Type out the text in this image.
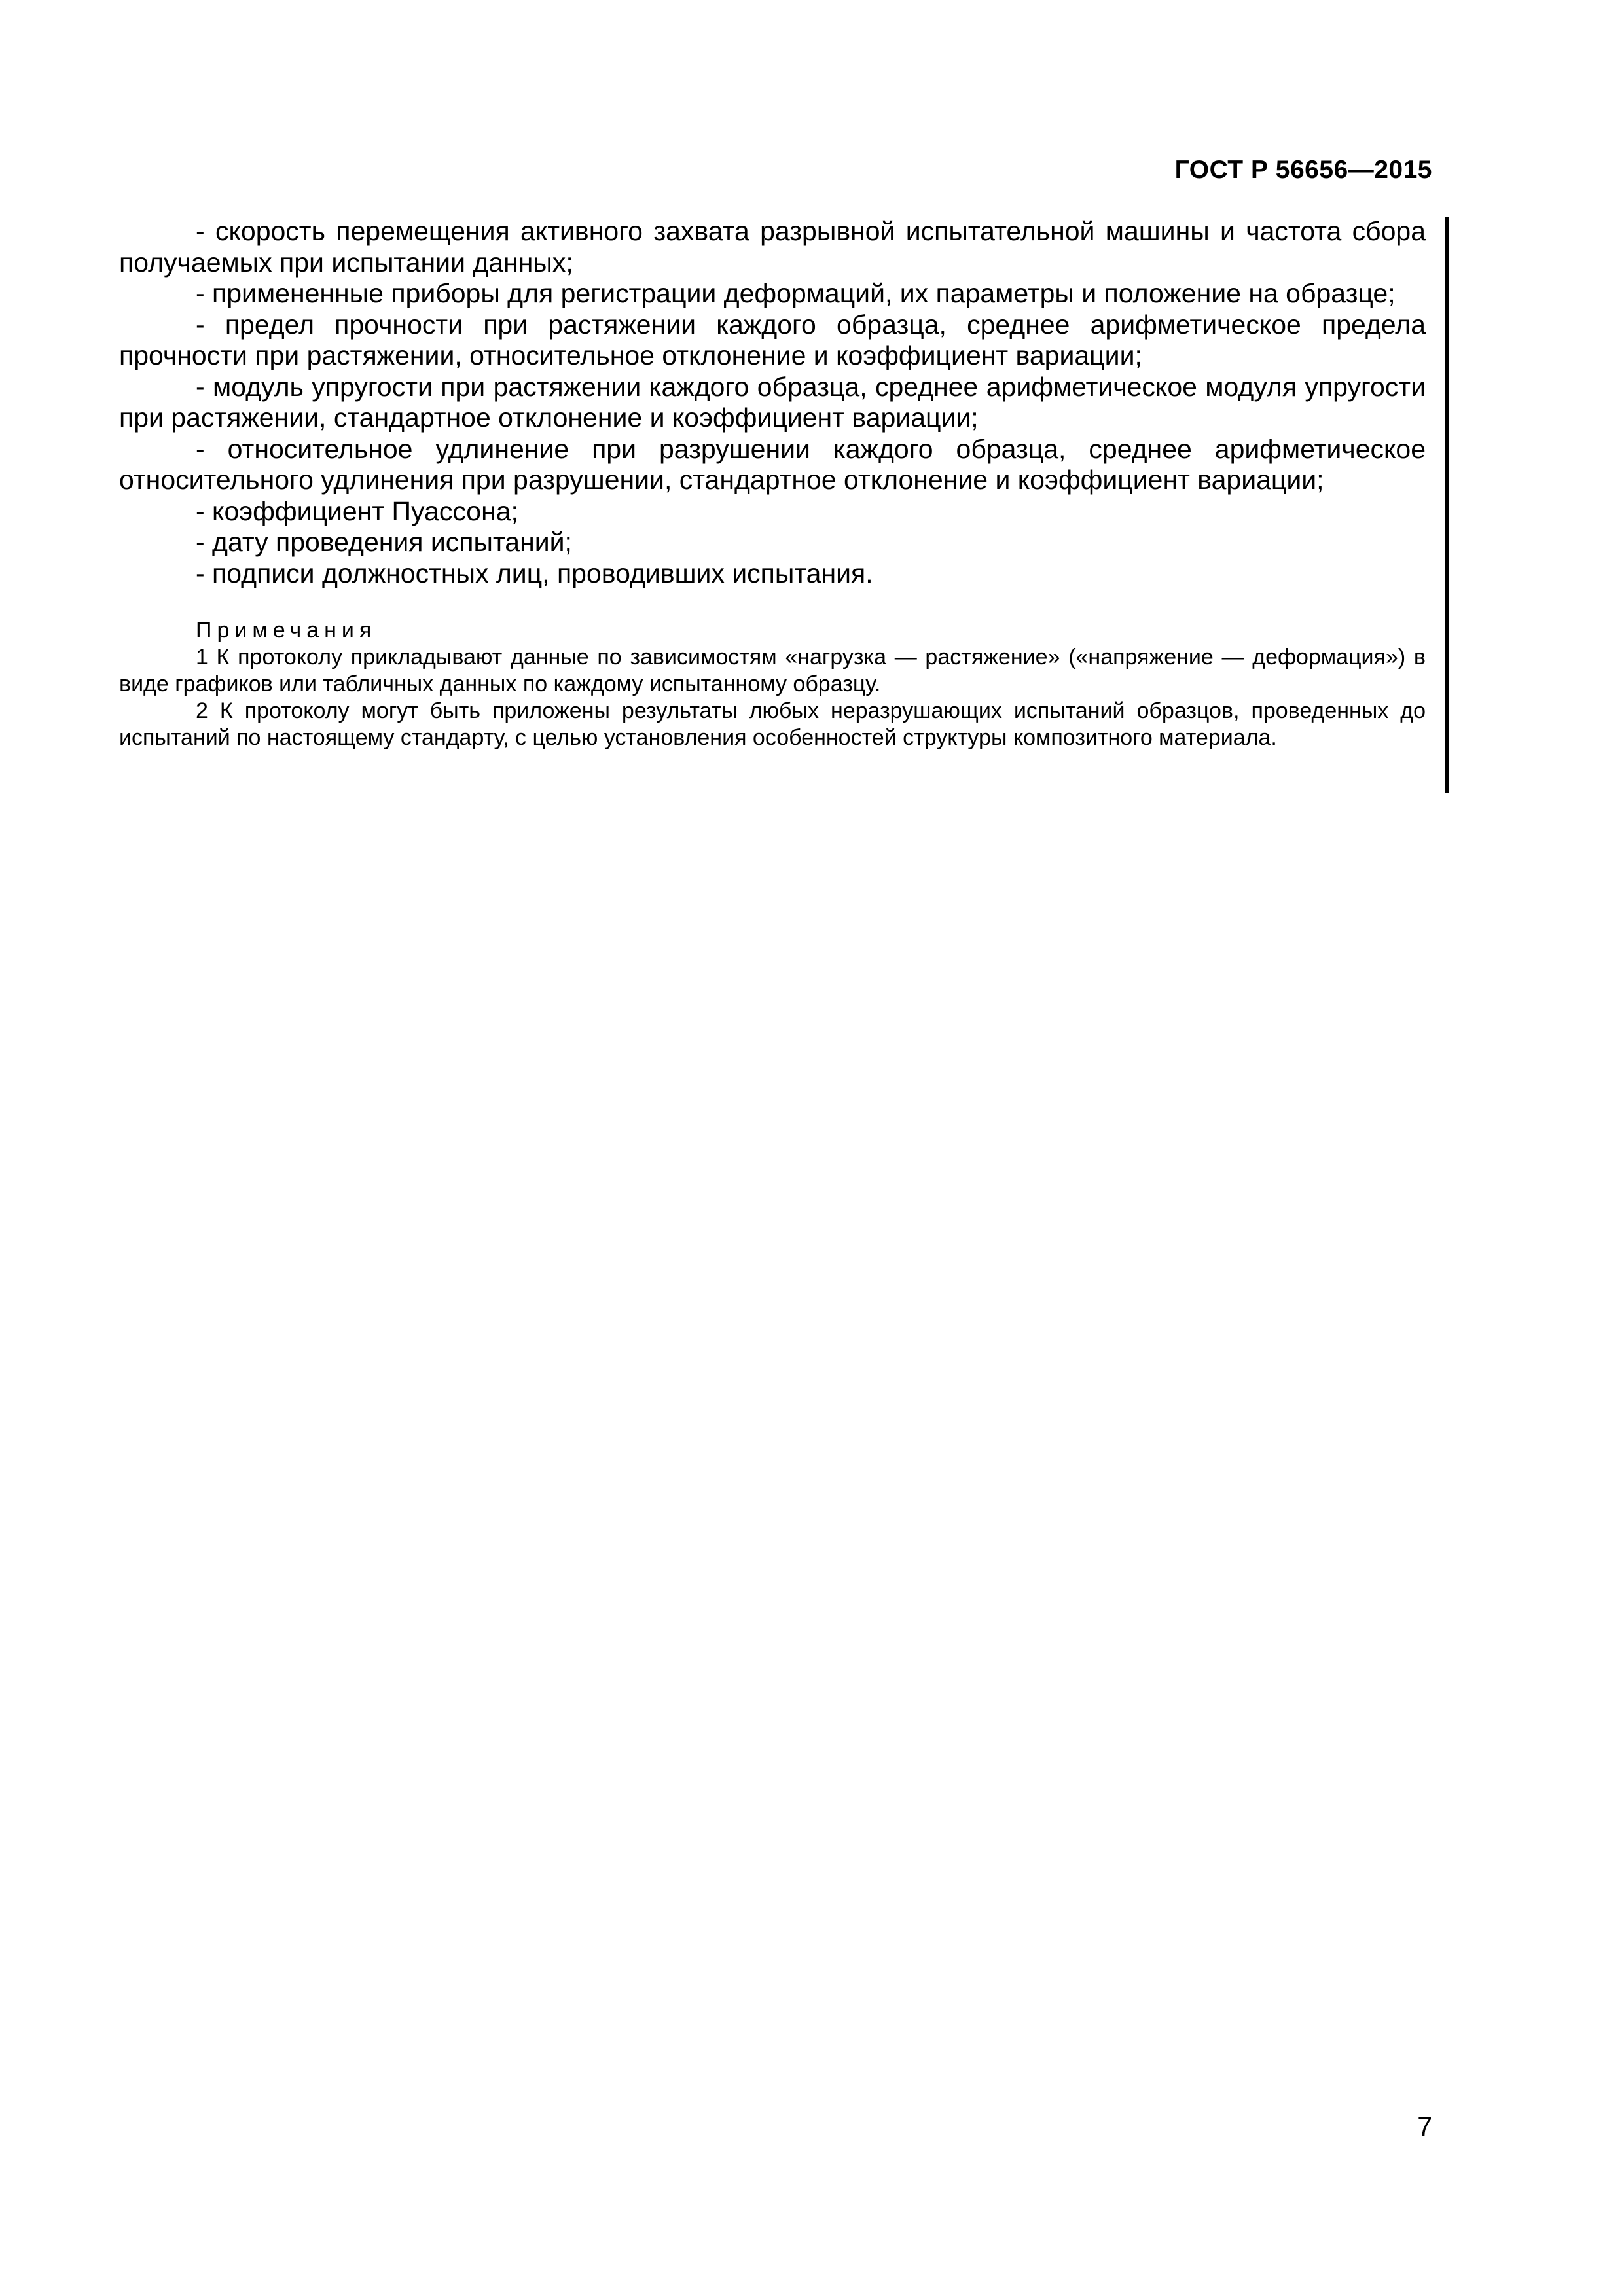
ГОСТ Р 56656—2015

- скорость перемещения активного захвата разрывной испытательной машины и частота сбора получаемых при испытании данных;

- примененные приборы для регистрации деформаций, их параметры и положение на образце;

- предел прочности при растяжении каждого образца, среднее арифметическое предела прочности при растяжении, относительное отклонение и коэффициент вариации;

- модуль упругости при растяжении каждого образца, среднее арифметическое модуля упругости при растяжении, стандартное отклонение и коэффициент вариации;

- относительное удлинение при разрушении каждого образца, среднее арифметическое относительного удлинения при разрушении, стандартное отклонение и коэффициент вариации;

- коэффициент Пуассона;

- дату проведения испытаний;

- подписи должностных лиц, проводивших испытания.

Примечания

1 К протоколу прикладывают данные по зависимостям «нагрузка — растяжение» («напряжение — деформация») в виде графиков или табличных данных по каждому испытанному образцу.

2 К протоколу могут быть приложены результаты любых неразрушающих испытаний образцов, проведенных до испытаний по настоящему стандарту, с целью установления особенностей структуры композитного материала.

7
